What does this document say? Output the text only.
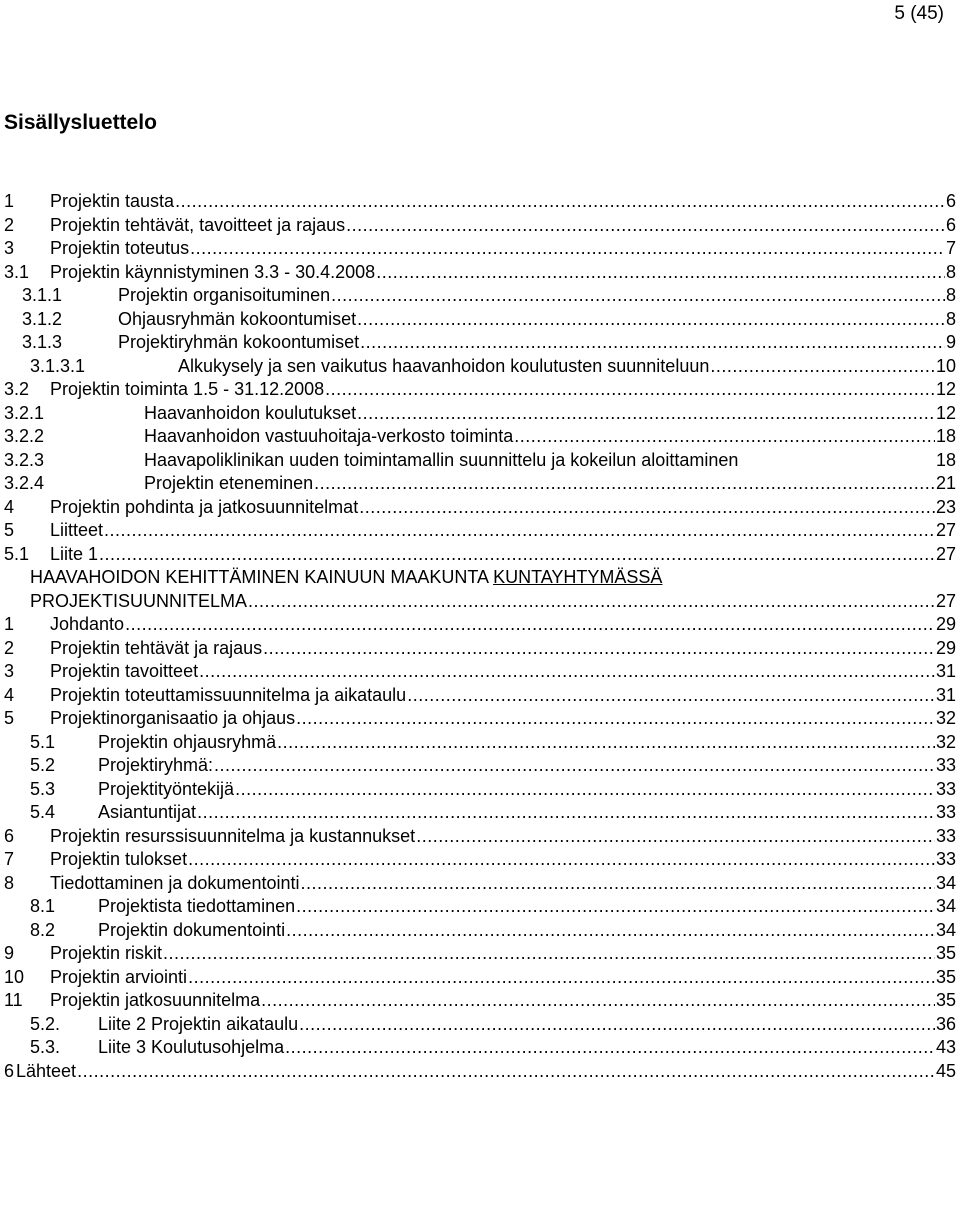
5 (45)
Sisällysluettelo
1	Projektin tausta .....	6
2	Projektin tehtävät, tavoitteet ja rajaus .....	6
3	Projektin toteutus .....	7
3.1	Projektin käynnistyminen 3.3 - 30.4.2008 .....	8
3.1.1	Projektin organisoituminen .....	8
3.1.2	Ohjausryhmän kokoontumiset .....	8
3.1.3	Projektiryhmän kokoontumiset .....	9
3.1.3.1	Alkukysely ja sen vaikutus haavanhoidon koulutusten suunniteluun .....	10
3.2	Projektin toiminta 1.5 - 31.12.2008 .....	12
3.2.1	Haavanhoidon koulutukset .....	12
3.2.2	Haavanhoidon vastuuhoitaja-verkosto toiminta .....	18
3.2.3	Haavapoliklinikan uuden toimintamallin suunnittelu ja kokeilun aloittaminen	18
3.2.4	Projektin eteneminen .....	21
4	Projektin pohdinta ja jatkosuunnitelmat .....	23
5	Liitteet .....	27
5.1	Liite 1 .....	27
HAAVAHOIDON KEHITTÄMINEN KAINUUN MAAKUNTA KUNTAYHTYMÄSSÄ
PROJEKTISUUNNITELMA .....	27
1	Johdanto .....	29
2	Projektin tehtävät ja rajaus .....	29
3	Projektin tavoitteet .....	31
4	Projektin toteuttamissuunnitelma ja aikataulu .....	31
5	Projektinorganisaatio ja ohjaus .....	32
5.1	Projektin ohjausryhmä .....	32
5.2	Projektiryhmä: .....	33
5.3	Projektityöntekijä .....	33
5.4	Asiantuntijat .....	33
6	Projektin resurssisuunnitelma ja kustannukset .....	33
7	Projektin tulokset .....	33
8	Tiedottaminen ja dokumentointi .....	34
8.1	Projektista tiedottaminen .....	34
8.2	Projektin dokumentointi .....	34
9	Projektin riskit .....	35
10	Projektin arviointi .....	35
11	Projektin jatkosuunnitelma .....	35
5.2.	Liite 2 Projektin aikataulu .....	36
5.3.	Liite 3 Koulutusohjelma .....	43
6 Lähteet .....	45
